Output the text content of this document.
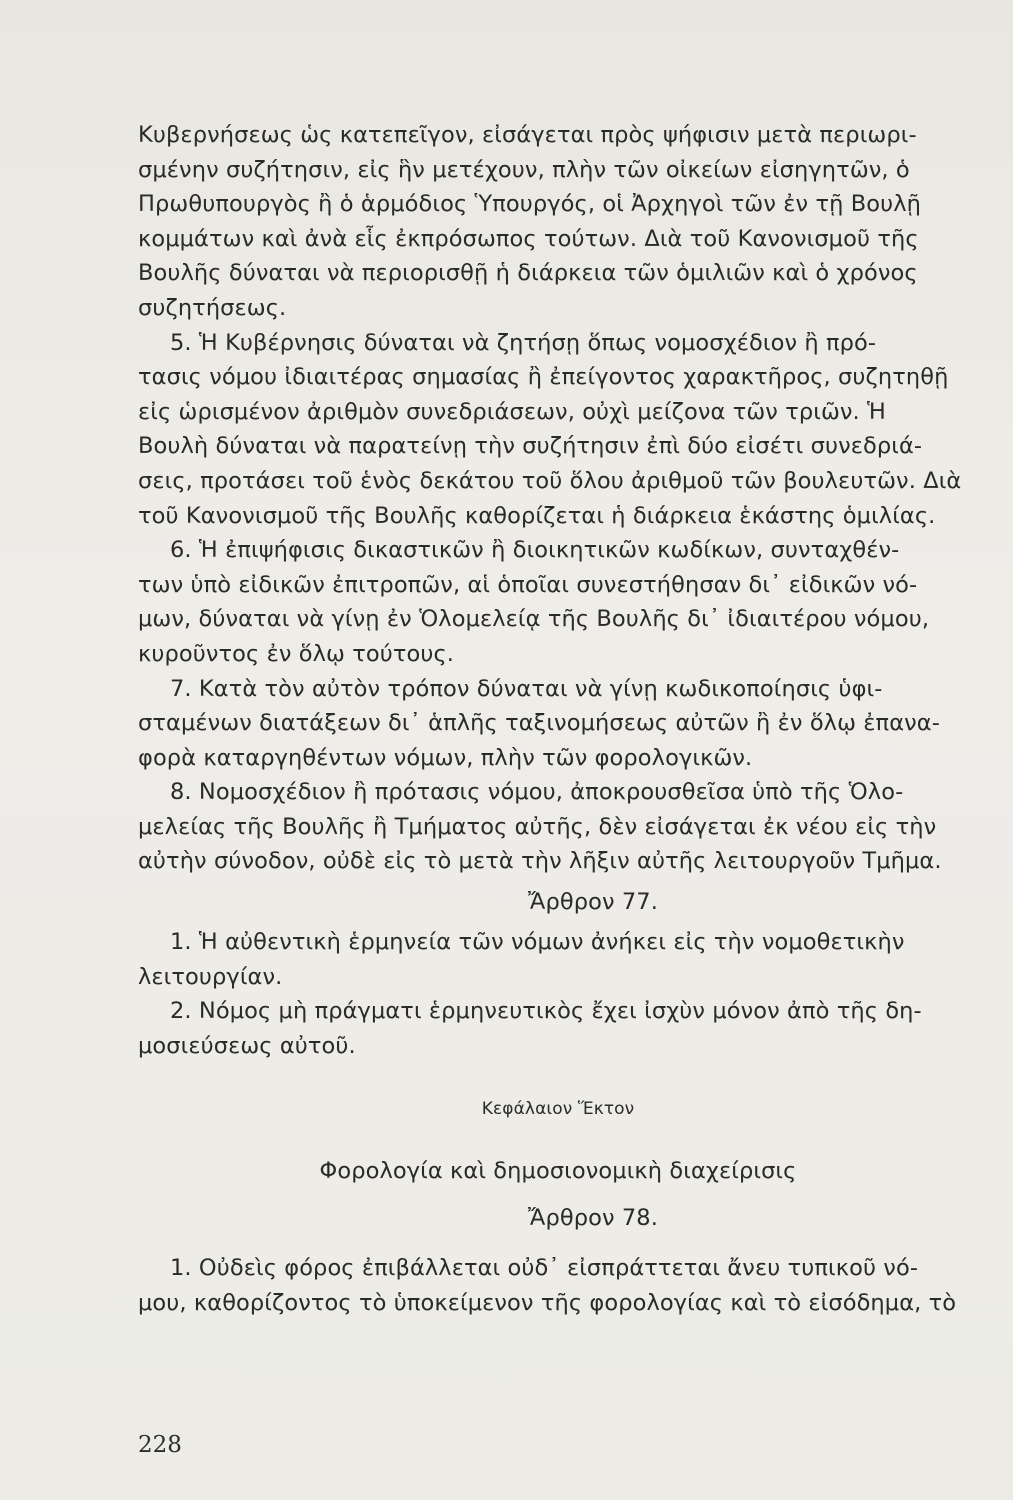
Κυβερνήσεως ὡς κατεπεῖγον, εἰσάγεται πρὸς ψήφισιν μετὰ περιωρι-
σμένην συζήτησιν, εἰς ἣν μετέχουν, πλὴν τῶν οἰκείων εἰσηγητῶν, ὁ
Πρωθυπουργὸς ἢ ὁ ἁρμόδιος Ὑπουργός, οἱ Ἀρχηγοὶ τῶν ἐν τῇ Βουλῇ
κομμάτων καὶ ἀνὰ εἷς ἐκπρόσωπος τούτων. Διὰ τοῦ Κανονισμοῦ τῆς
Βουλῆς δύναται νὰ περιορισθῇ ἡ διάρκεια τῶν ὁμιλιῶν καὶ ὁ χρόνος
συζητήσεως.
5. Ἡ Κυβέρνησις δύναται νὰ ζητήσῃ ὅπως νομοσχέδιον ἢ πρό-
τασις νόμου ἰδιαιτέρας σημασίας ἢ ἐπείγοντος χαρακτῆρος, συζητηθῇ
εἰς ὡρισμένον ἀριθμὸν συνεδριάσεων, οὐχὶ μείζονα τῶν τριῶν. Ἡ
Βουλὴ δύναται νὰ παρατείνῃ τὴν συζήτησιν ἐπὶ δύο εἰσέτι συνεδριά-
σεις, προτάσει τοῦ ἑνὸς δεκάτου τοῦ ὅλου ἀριθμοῦ τῶν βουλευτῶν. Διὰ
τοῦ Κανονισμοῦ τῆς Βουλῆς καθορίζεται ἡ διάρκεια ἑκάστης ὁμιλίας.
6. Ἡ ἐπιψήφισις δικαστικῶν ἢ διοικητικῶν κωδίκων, συνταχθέν-
των ὑπὸ εἰδικῶν ἐπιτροπῶν, αἱ ὁποῖαι συνεστήθησαν δι᾿ εἰδικῶν νό-
μων, δύναται νὰ γίνῃ ἐν Ὁλομελείᾳ τῆς Βουλῆς δι᾿ ἰδιαιτέρου νόμου,
κυροῦντος ἐν ὅλῳ τούτους.
7. Κατὰ τὸν αὐτὸν τρόπον δύναται νὰ γίνῃ κωδικοποίησις ὑφι-
σταμένων διατάξεων δι᾿ ἁπλῆς ταξινομήσεως αὐτῶν ἢ ἐν ὅλῳ ἐπανα-
φορὰ καταργηθέντων νόμων, πλὴν τῶν φορολογικῶν.
8. Νομοσχέδιον ἢ πρότασις νόμου, ἀποκρουσθεῖσα ὑπὸ τῆς Ὁλο-
μελείας τῆς Βουλῆς ἢ Τμήματος αὐτῆς, δὲν εἰσάγεται ἐκ νέου εἰς τὴν
αὐτὴν σύνοδον, οὐδὲ εἰς τὸ μετὰ τὴν λῆξιν αὐτῆς λειτουργοῦν Τμῆμα.
Ἄρθρον 77.
1. Ἡ αὐθεντικὴ ἑρμηνεία τῶν νόμων ἀνήκει εἰς τὴν νομοθετικὴν
λειτουργίαν.
2. Νόμος μὴ πράγματι ἑρμηνευτικὸς ἔχει ἰσχὺν μόνον ἀπὸ τῆς δη-
μοσιεύσεως αὐτοῦ.
Κεφάλαιον Ἕκτον
Φορολογία καὶ δημοσιονομικὴ διαχείρισις
Ἄρθρον 78.
1. Οὐδεὶς φόρος ἐπιβάλλεται οὐδ᾿ εἰσπράττεται ἄνευ τυπικοῦ νό-
μου, καθορίζοντος τὸ ὑποκείμενον τῆς φορολογίας καὶ τὸ εἰσόδημα, τὸ
228
